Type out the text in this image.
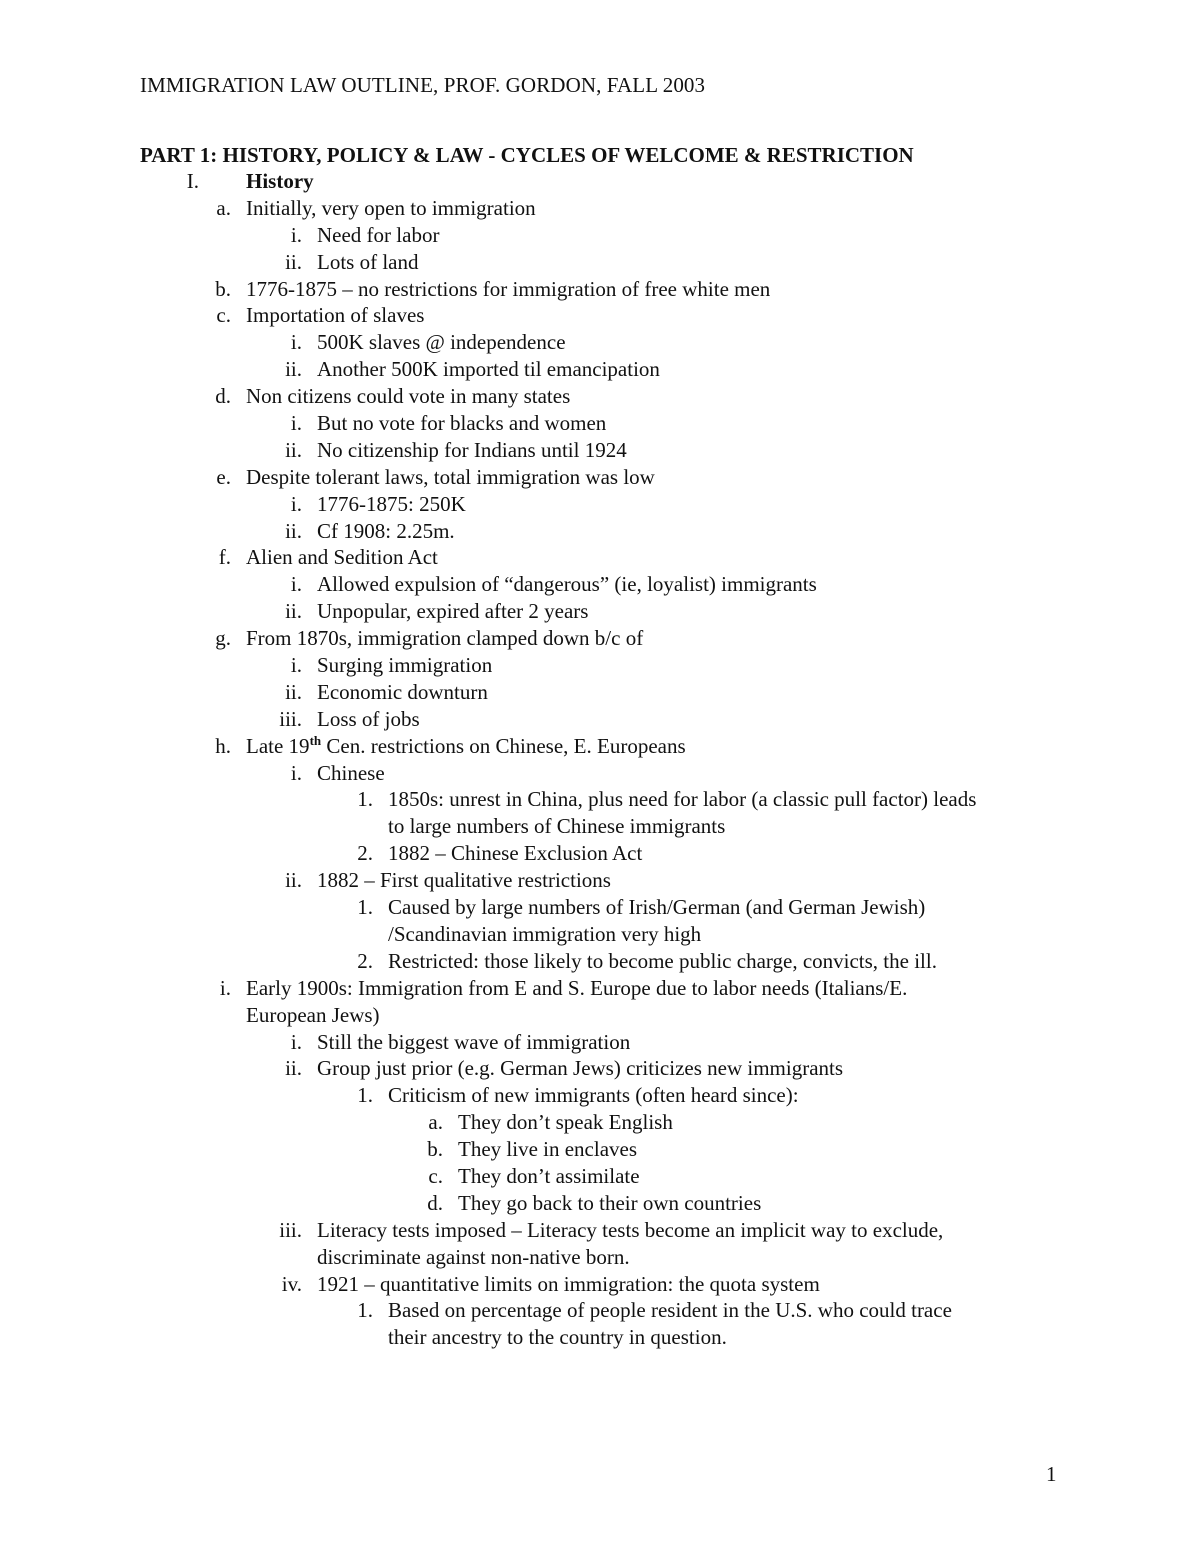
IMMIGRATION LAW OUTLINE, PROF. GORDON, FALL 2003
PART 1: HISTORY, POLICY & LAW - CYCLES OF WELCOME & RESTRICTION
I. History
a. Initially, very open to immigration
i. Need for labor
ii. Lots of land
b. 1776-1875 – no restrictions for immigration of free white men
c. Importation of slaves
i. 500K slaves @ independence
ii. Another 500K imported til emancipation
d. Non citizens could vote in many states
i. But no vote for blacks and women
ii. No citizenship for Indians until 1924
e. Despite tolerant laws, total immigration was low
i. 1776-1875: 250K
ii. Cf 1908: 2.25m.
f. Alien and Sedition Act
i. Allowed expulsion of “dangerous” (ie, loyalist) immigrants
ii. Unpopular, expired after 2 years
g. From 1870s, immigration clamped down b/c of
i. Surging immigration
ii. Economic downturn
iii. Loss of jobs
h. Late 19th Cen. restrictions on Chinese, E. Europeans
i. Chinese
1. 1850s: unrest in China, plus need for labor (a classic pull factor) leads
to large numbers of Chinese immigrants
2. 1882 – Chinese Exclusion Act
ii. 1882 – First qualitative restrictions
1. Caused by large numbers of Irish/German (and German Jewish)
/Scandinavian immigration very high
2. Restricted: those likely to become public charge, convicts, the ill.
i. Early 1900s: Immigration from E and S. Europe due to labor needs (Italians/E.
European Jews)
i. Still the biggest wave of immigration
ii. Group just prior (e.g. German Jews) criticizes new immigrants
1. Criticism of new immigrants (often heard since):
a. They don’t speak English
b. They live in enclaves
c. They don’t assimilate
d. They go back to their own countries
iii. Literacy tests imposed – Literacy tests become an implicit way to exclude,
discriminate against non-native born.
iv. 1921 – quantitative limits on immigration: the quota system
1. Based on percentage of people resident in the U.S. who could trace
their ancestry to the country in question.
1
